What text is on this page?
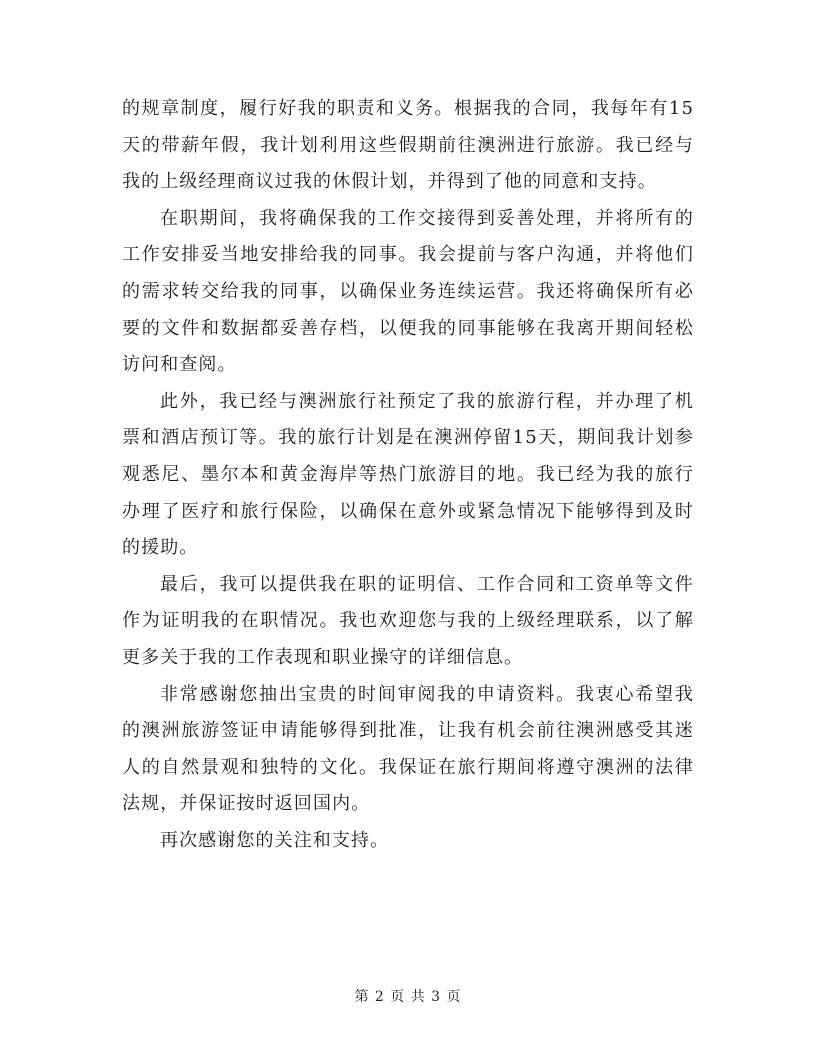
的规章制度，履行好我的职责和义务。根据我的合同，我每年有15天的带薪年假，我计划利用这些假期前往澳洲进行旅游。我已经与我的上级经理商议过我的休假计划，并得到了他的同意和支持。

在职期间，我将确保我的工作交接得到妥善处理，并将所有的工作安排妥当地安排给我的同事。我会提前与客户沟通，并将他们的需求转交给我的同事，以确保业务连续运营。我还将确保所有必要的文件和数据都妥善存档，以便我的同事能够在我离开期间轻松访问和查阅。

此外，我已经与澳洲旅行社预定了我的旅游行程，并办理了机票和酒店预订等。我的旅行计划是在澳洲停留15天，期间我计划参观悉尼、墨尔本和黄金海岸等热门旅游目的地。我已经为我的旅行办理了医疗和旅行保险，以确保在意外或紧急情况下能够得到及时的援助。

最后，我可以提供我在职的证明信、工作合同和工资单等文件作为证明我的在职情况。我也欢迎您与我的上级经理联系，以了解更多关于我的工作表现和职业操守的详细信息。

非常感谢您抽出宝贵的时间审阅我的申请资料。我衷心希望我的澳洲旅游签证申请能够得到批准，让我有机会前往澳洲感受其迷人的自然景观和独特的文化。我保证在旅行期间将遵守澳洲的法律法规，并保证按时返回国内。

再次感谢您的关注和支持。

第 2 页 共 3 页
